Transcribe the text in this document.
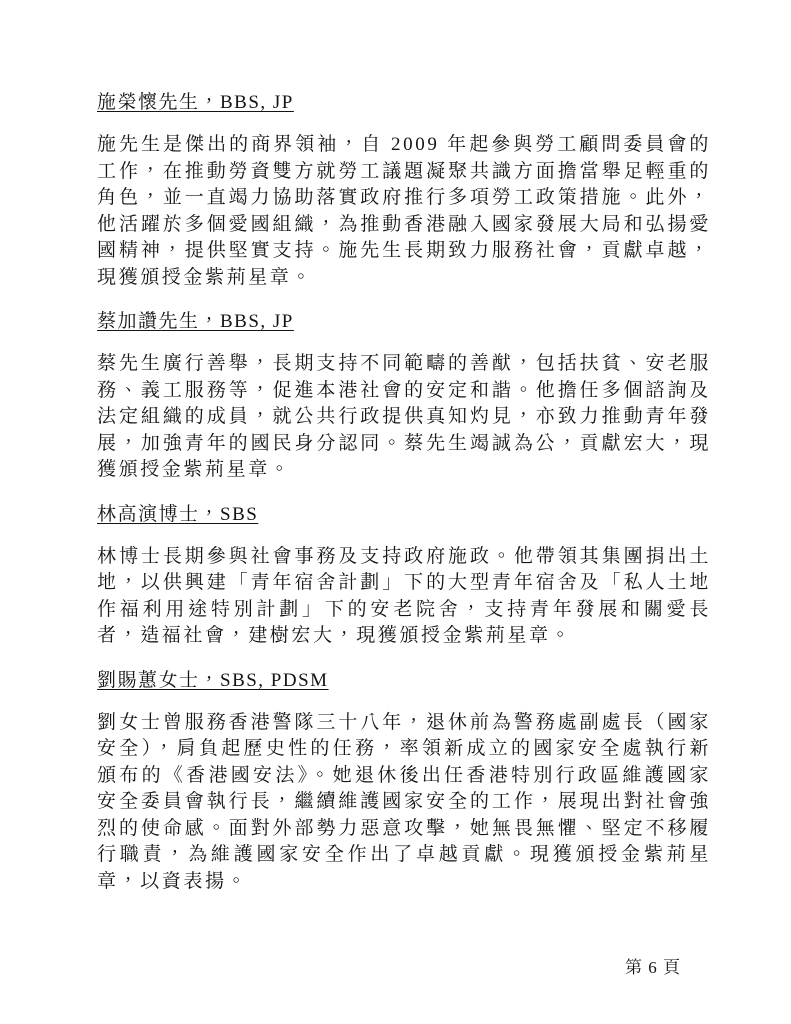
施榮懷先生，BBS, JP

施先生是傑出的商界領袖，自 2009 年起參與勞工顧問委員會的工作，在推動勞資雙方就勞工議題凝聚共識方面擔當舉足輕重的角色，並一直竭力協助落實政府推行多項勞工政策措施。此外，他活躍於多個愛國組織，為推動香港融入國家發展大局和弘揚愛國精神，提供堅實支持。施先生長期致力服務社會，貢獻卓越，現獲頒授金紫荊星章。

蔡加讚先生，BBS, JP

蔡先生廣行善舉，長期支持不同範疇的善猷，包括扶貧、安老服務、義工服務等，促進本港社會的安定和諧。他擔任多個諮詢及法定組織的成員，就公共行政提供真知灼見，亦致力推動青年發展，加強青年的國民身分認同。蔡先生竭誠為公，貢獻宏大，現獲頒授金紫荊星章。

林高演博士，SBS

林博士長期參與社會事務及支持政府施政。他帶領其集團捐出土地，以供興建「青年宿舍計劃」下的大型青年宿舍及「私人土地作福利用途特別計劃」下的安老院舍，支持青年發展和關愛長者，造福社會，建樹宏大，現獲頒授金紫荊星章。

劉賜蕙女士，SBS, PDSM

劉女士曾服務香港警隊三十八年，退休前為警務處副處長（國家安全），肩負起歷史性的任務，率領新成立的國家安全處執行新頒布的《香港國安法》。她退休後出任香港特別行政區維護國家安全委員會執行長，繼續維護國家安全的工作，展現出對社會強烈的使命感。面對外部勢力惡意攻擊，她無畏無懼、堅定不移履行職責，為維護國家安全作出了卓越貢獻。現獲頒授金紫荊星章，以資表揚。

第 6 頁
